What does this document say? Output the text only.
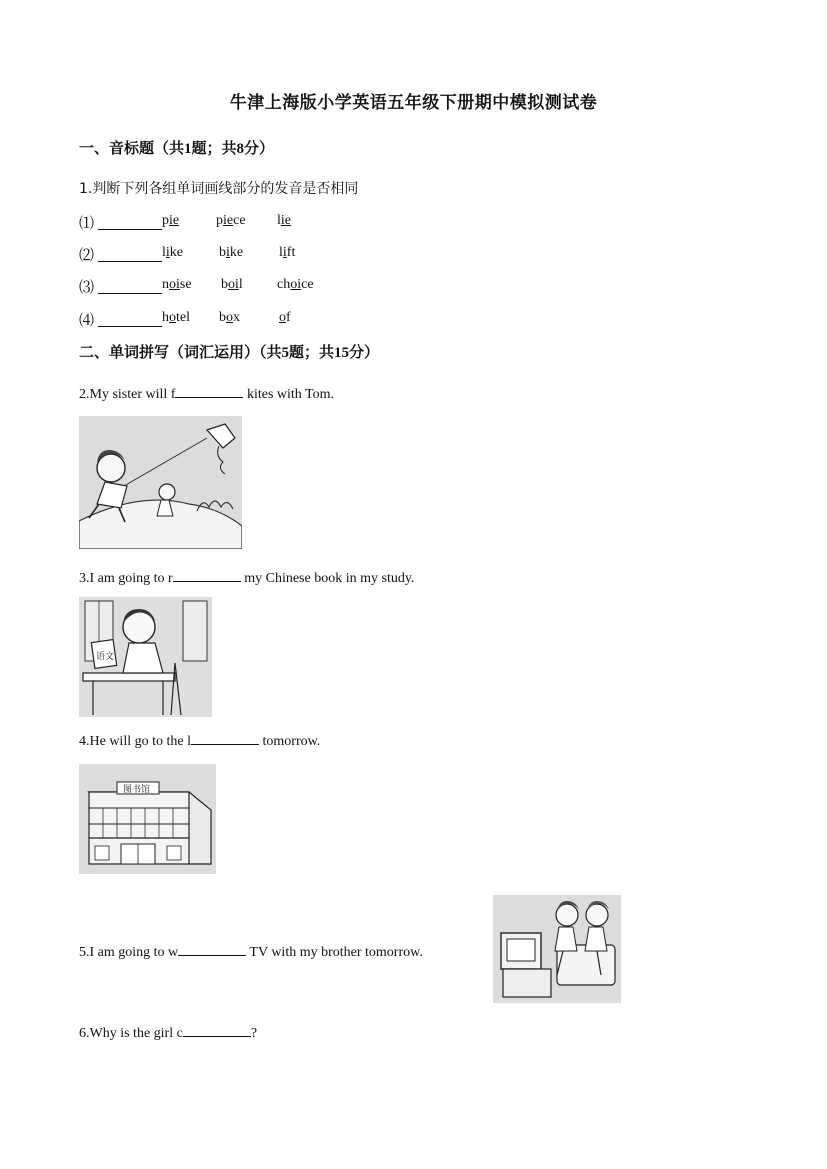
牛津上海版小学英语五年级下册期中模拟测试卷
一、音标题（共1题；共8分）
1.判断下列各组单词画线部分的发音是否相同
⑴	pie	piece lie
⑵	like	bike	lift
⑶	noise boil choice
⑷	hotel box	of
二、单词拼写（词汇运用）（共5题；共15分）
2.My sister will f	kites with Tom.
3.I am going to r	my Chinese book in my study.
语文
4.He will go to the l	tomorrow.
图书馆
5.I am going to w	TV with my brother tomorrow.
6.Why is the girl c	?
